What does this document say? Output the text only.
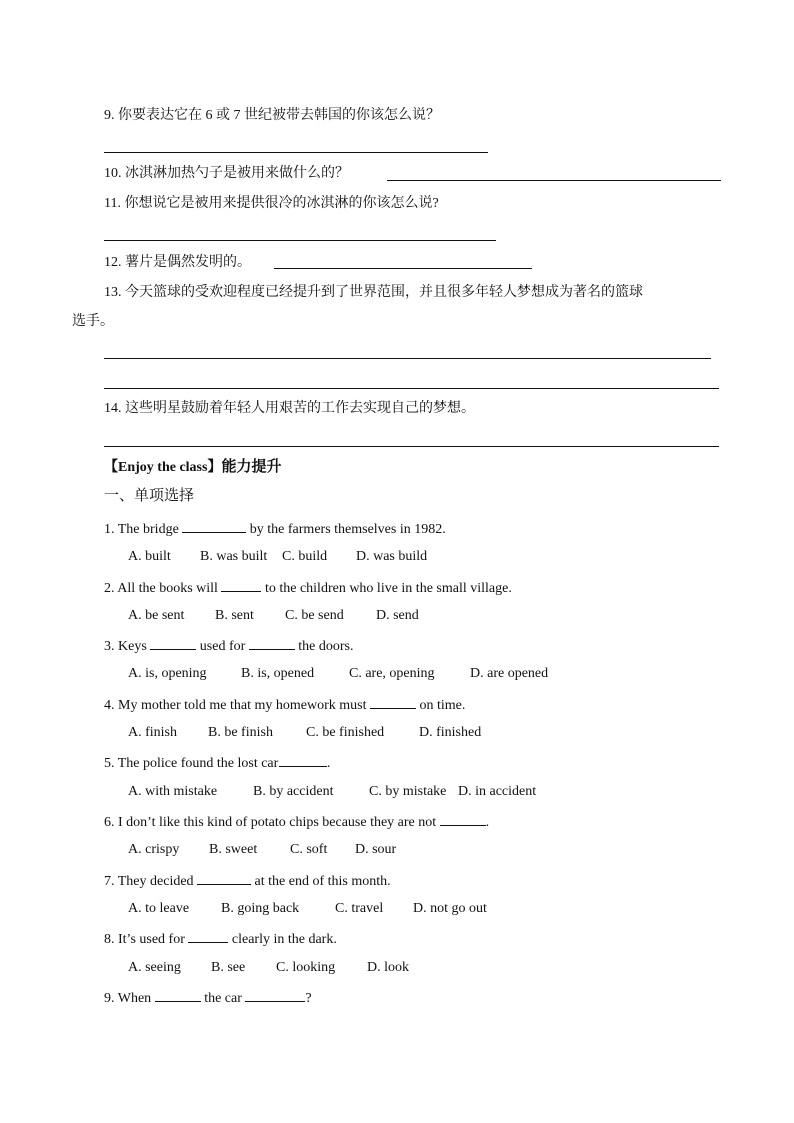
9. 你要表达它在 6 或 7 世纪被带去韩国的你该怎么说？
10. 冰淇淋加热勺子是被用来做什么的？
11. 你想说它是被用来提供很冷的冰淇淋的你该怎么说?
12. 薯片是偶然发明的。
13. 今天篮球的受欢迎程度已经提升到了世界范围，并且很多年轻人梦想成为著名的篮球
选手。
14. 这些明星鼓励着年轻人用艰苦的工作去实现自己的梦想。
【Enjoy the class】能力提升
一、单项选择
1. The bridge	by the farmers themselves in 1982.
A. built B. was built C. build D. was build
2. All the books will	to the children who live in the small village.
A. be sent B. sent C. be send D. send
3. Keys	used for	the doors.
A. is, opening B. is, opened C. are, opening	D. are opened
4. My mother told me that my homework must	on time.
A. finish B. be finish C. be finished D. finished
5. The police found the lost car	.
A. with mistake	B. by accident	C. by mistake D. in accident
6. I don’t like this kind of potato chips because they are not	.
A. crispy B. sweet C. soft D. sour
7. They decided	at the end of this month.
A. to leave B. going back	C. travel D. not go out
8. It’s used for	clearly in the dark.
A. seeing B. see C. looking D. look
9. When	the car	?
